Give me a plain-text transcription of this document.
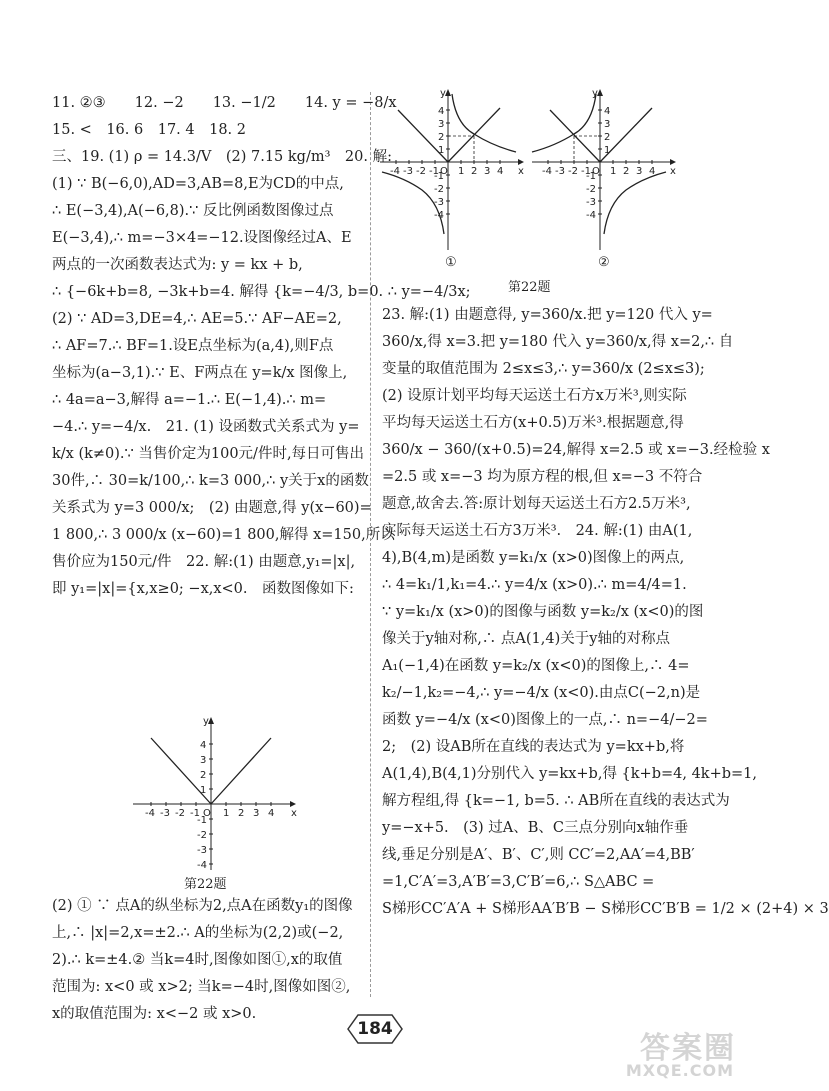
11. ②③　　12. −2　　13. −1/2　　14. y = −8/x
15. <　16. 6　17. 4　18. 2
三、19. (1) ρ = 14.3/V　(2) 7.15 kg/m³　20. 解:
(1) ∵ B(−6,0),AD=3,AB=8,E为CD的中点,
∴ E(−3,4),A(−6,8).∵ 反比例函数图像过点
E(−3,4),∴ m=−3×4=−12.设图像经过A、E
两点的一次函数表达式为: y = kx + b,
∴ {−6k+b=8, −3k+b=4. 解得 {k=−4/3, b=0. ∴ y=−4/3x;
(2) ∵ AD=3,DE=4,∴ AE=5.∵ AF−AE=2,
∴ AF=7.∴ BF=1.设E点坐标为(a,4),则F点
坐标为(a−3,1).∵ E、F两点在 y=k/x 图像上,
∴ 4a=a−3,解得 a=−1.∴ E(−1,4).∴ m=
−4.∴ y=−4/x.　21. (1) 设函数式关系式为 y=
k/x (k≠0).∵ 当售价定为100元/件时,每日可售出
30件,∴ 30=k/100,∴ k=3 000,∴ y关于x的函数
关系式为 y=3 000/x;　(2) 由题意,得 y(x−60)=
1 800,∴ 3 000/x (x−60)=1 800,解得 x=150,所以
售价应为150元/件　22. 解:(1) 由题意,y₁=|x|,
即 y₁=|x|={x,x≥0; −x,x<0.　函数图像如下:
y
x
O
-4 -3 -2 -1 1 2 3 4
4
3
2
1
-1
-2
-3
-4
第22题
(2) ① ∵ 点A的纵坐标为2,点A在函数y₁的图像
上,∴ |x|=2,x=±2.∴ A的坐标为(2,2)或(−2,
2).∴ k=±4.② 当k=4时,图像如图①,x的取值
范围为: x<0 或 x>2; 当k=−4时,图像如图②,
x的取值范围为: x<−2 或 x>0.
y
x
O
-4 -3 -2 -1 1 2 3 4
4
3
2
1
-1
-2
-3
-4
①
y
x
O
-4 -3 -2 -1 1 2 3 4
4
3
2
1
-1
-2
-3
-4
②
第22题
23. 解:(1) 由题意得, y=360/x.把 y=120 代入 y=
360/x,得 x=3.把 y=180 代入 y=360/x,得 x=2,∴ 自
变量的取值范围为 2≤x≤3,∴ y=360/x (2≤x≤3);
(2) 设原计划平均每天运送土石方x万米³,则实际
平均每天运送土石方(x+0.5)万米³.根据题意,得
360/x − 360/(x+0.5)=24,解得 x=2.5 或 x=−3.经检验 x
=2.5 或 x=−3 均为原方程的根,但 x=−3 不符合
题意,故舍去.答:原计划每天运送土石方2.5万米³,
实际每天运送土石方3万米³.　24. 解:(1) 由A(1,
4),B(4,m)是函数 y=k₁/x (x>0)图像上的两点,
∴ 4=k₁/1,k₁=4.∴ y=4/x (x>0).∴ m=4/4=1.
∵ y=k₁/x (x>0)的图像与函数 y=k₂/x (x<0)的图
像关于y轴对称,∴ 点A(1,4)关于y轴的对称点
A₁(−1,4)在函数 y=k₂/x (x<0)的图像上,∴ 4=
k₂/−1,k₂=−4,∴ y=−4/x (x<0).由点C(−2,n)是
函数 y=−4/x (x<0)图像上的一点,∴ n=−4/−2=
2;　(2) 设AB所在直线的表达式为 y=kx+b,将
A(1,4),B(4,1)分别代入 y=kx+b,得 {k+b=4, 4k+b=1,
解方程组,得 {k=−1, b=5. ∴ AB所在直线的表达式为
y=−x+5.　(3) 过A、B、C三点分别向x轴作垂
线,垂足分别是A′、B′、C′,则 CC′=2,AA′=4,BB′
=1,C′A′=3,A′B′=3,C′B′=6,∴ S△ABC =
S梯形CC′A′A + S梯形AA′B′B − S梯形CC′B′B = 1/2 × (2+4) × 3
184
答案圈
MXQE.COM
